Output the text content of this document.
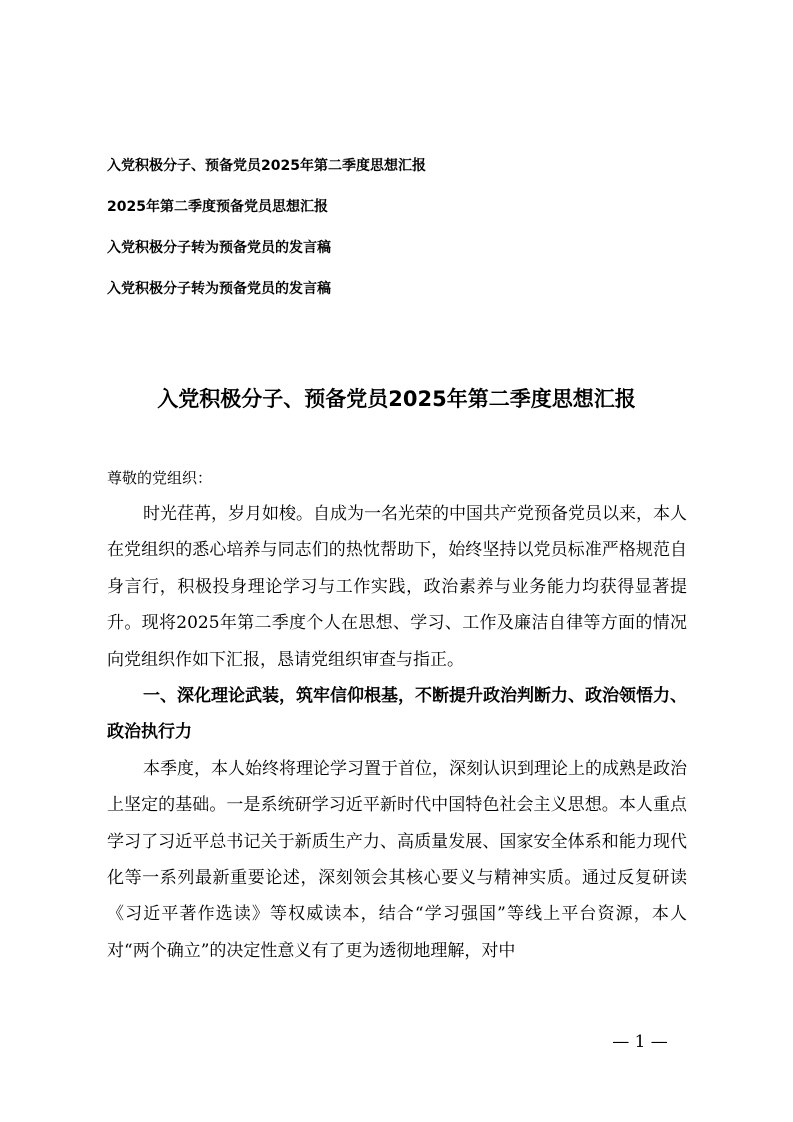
入党积极分子、预备党员2025年第二季度思想汇报
2025年第二季度预备党员思想汇报
入党积极分子转为预备党员的发言稿
入党积极分子转为预备党员的发言稿
入党积极分子、预备党员2025年第二季度思想汇报

尊敬的党组织：

时光荏苒，岁月如梭。自成为一名光荣的中国共产党预备党员以来，本人在党组织的悉心培养与同志们的热忱帮助下，始终坚持以党员标准严格规范自身言行，积极投身理论学习与工作实践，政治素养与业务能力均获得显著提升。现将2025年第二季度个人在思想、学习、工作及廉洁自律等方面的情况向党组织作如下汇报，恳请党组织审查与指正。

一、深化理论武装，筑牢信仰根基，不断提升政治判断力、政治领悟力、政治执行力

本季度，本人始终将理论学习置于首位，深刻认识到理论上的成熟是政治上坚定的基础。一是系统研学习近平新时代中国特色社会主义思想。本人重点学习了习近平总书记关于新质生产力、高质量发展、国家安全体系和能力现代化等一系列最新重要论述，深刻领会其核心要义与精神实质。通过反复研读《习近平著作选读》等权威读本，结合“学习强国”等线上平台资源，本人对“两个确立”的决定性意义有了更为透彻地理解，对中

— 1 —
